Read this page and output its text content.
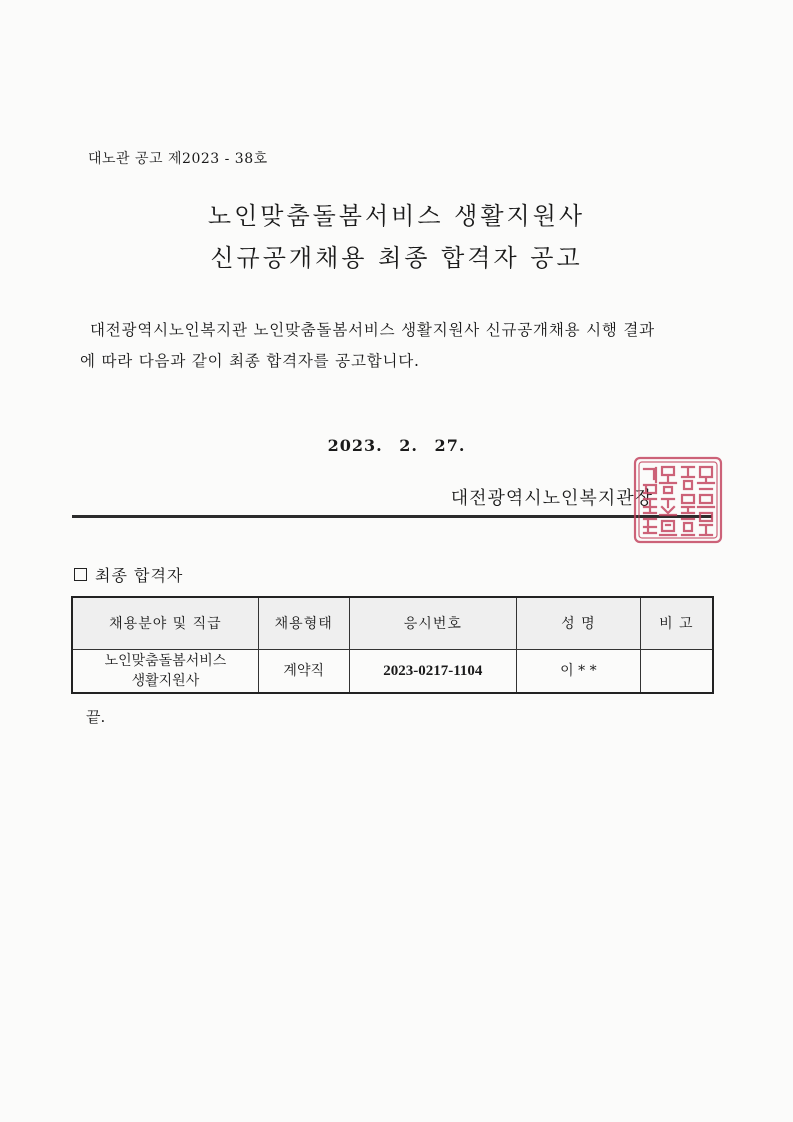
대노관 공고 제2023 - 38호
노인맞춤돌봄서비스 생활지원사
신규공개채용 최종 합격자 공고
대전광역시노인복지관 노인맞춤돌봄서비스 생활지원사 신규공개채용 시행 결과
에 따라 다음과 같이 최종 합격자를 공고합니다.
2023. 2. 27.
대전광역시노인복지관장
최종 합격자
채용분야 및 직급	채용형태	응시번호	성 명	비 고

노인맞춤돌봄서비스
생활지원사	계약직	2023-0217-1104	이 * *	
끝.
